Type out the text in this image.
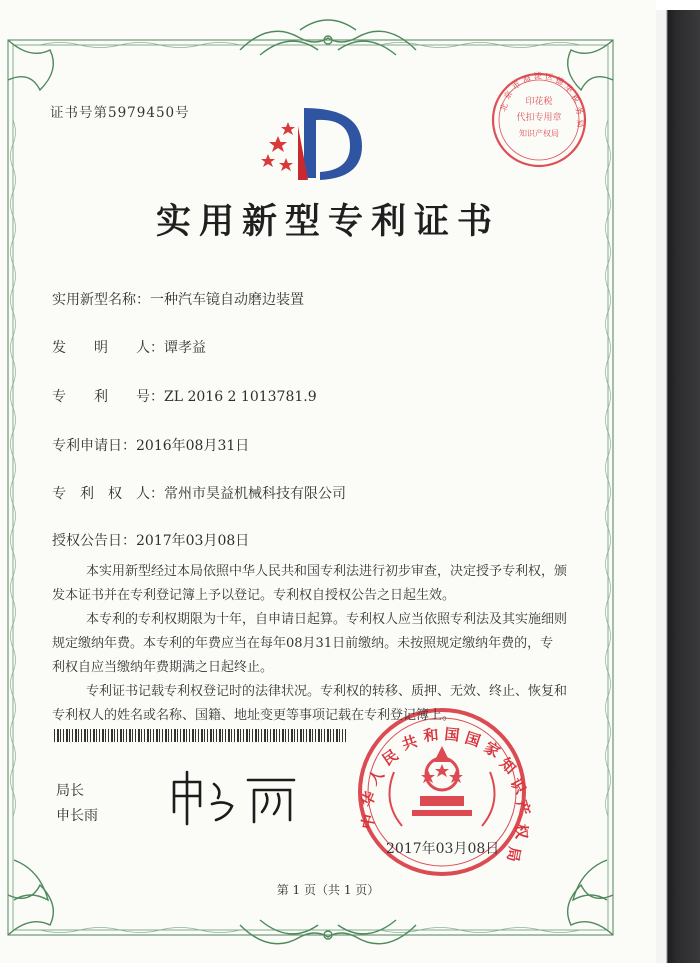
印花税
代扣专用章
知识产权局
中
华
人
民
共 和 国 国
家
知
识
产
权
局
北
京
市
海 淀 区 德
华
税
务
局
证书号第5979450号
实用新型专利证书
实用新型名称：一种汽车镜自动磨边装置
发　　明　　人：谭孝益
专　　利　　号：ZL 2016 2 1013781.9
专利申请日：2016年08月31日
专　利　权　人：常州市昊益机械科技有限公司
授权公告日：2017年03月08日
本实用新型经过本局依照中华人民共和国专利法进行初步审查，决定授予专利权，颁
发本证书并在专利登记簿上予以登记。专利权自授权公告之日起生效。
本专利的专利权期限为十年，自申请日起算。专利权人应当依照专利法及其实施细则
规定缴纳年费。本专利的年费应当在每年08月31日前缴纳。未按照规定缴纳年费的，专
利权自应当缴纳年费期满之日起终止。
专利证书记载专利权登记时的法律状况。专利权的转移、质押、无效、终止、恢复和
专利权人的姓名或名称、国籍、地址变更等事项记载在专利登记簿上。
局长
申长雨
2017年03月08日
第 1 页（共 1 页）
